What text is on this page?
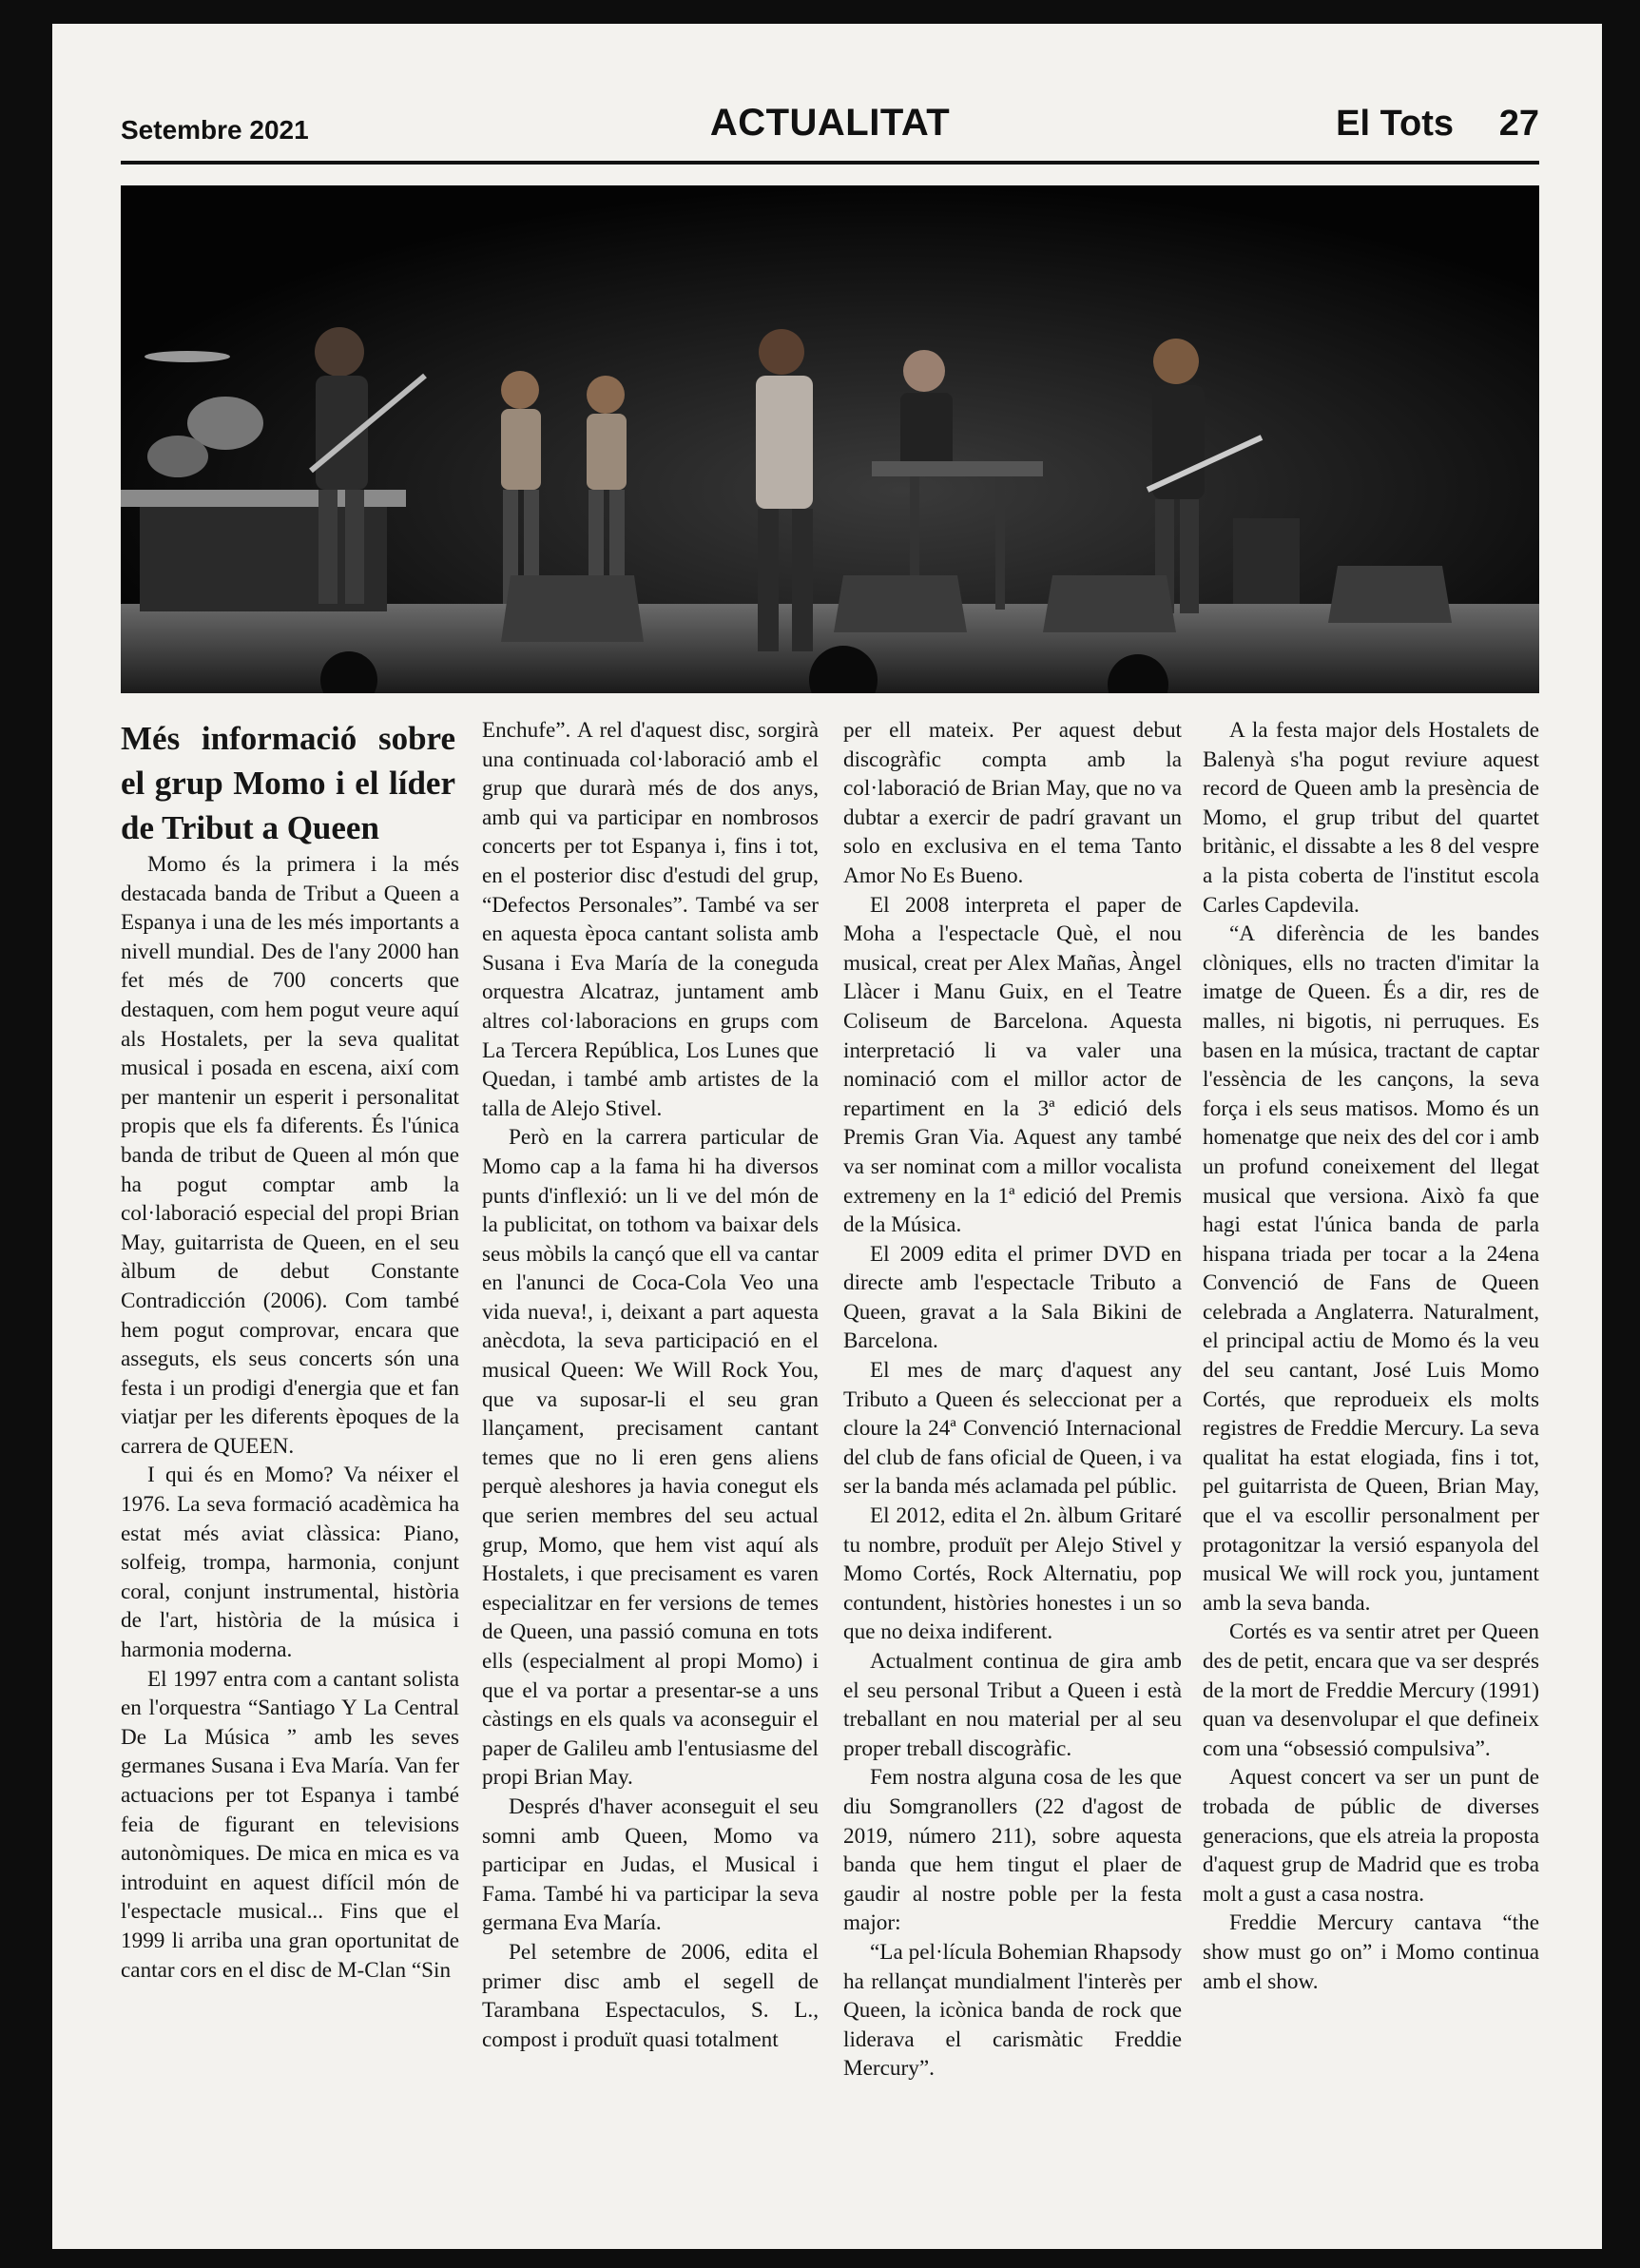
Setembre 2021	ACTUALITAT	El Tots 27

Més informació sobre el grup Momo i el líder de Tribut a Queen

Momo és la primera i la més destacada banda de Tribut a Queen a Espanya i una de les més importants a nivell mundial. Des de l'any 2000 han fet més de 700 concerts que destaquen, com hem pogut veure aquí als Hostalets, per la seva qualitat musical i posada en escena, així com per mantenir un esperit i personalitat propis que els fa diferents. És l'única banda de tribut de Queen al món que ha pogut comptar amb la col·laboració especial del propi Brian May, guitarrista de Queen, en el seu àlbum de debut Constante Contradicción (2006). Com també hem pogut comprovar, encara que asseguts, els seus concerts són una festa i un prodigi d'energia que et fan viatjar per les diferents èpoques de la carrera de QUEEN.

I qui és en Momo? Va néixer el 1976. La seva formació acadèmica ha estat més aviat clàssica: Piano, solfeig, trompa, harmonia, conjunt coral, conjunt instrumental, història de l'art, història de la música i harmonia moderna.

El 1997 entra com a cantant solista en l'orquestra “Santiago Y La Central De La Música ” amb les seves germanes Susana i Eva María. Van fer actuacions per tot Espanya i també feia de figurant en televisions autonòmiques. De mica en mica es va introduint en aquest difícil món de l'espectacle musical... Fins que el 1999 li arriba una gran oportunitat de cantar cors en el disc de M-Clan “Sin

Enchufe”. A rel d'aquest disc, sorgirà una continuada col·laboració amb el grup que durarà més de dos anys, amb qui va participar en nombrosos concerts per tot Espanya i, fins i tot, en el posterior disc d'estudi del grup, “Defectos Personales”. També va ser en aquesta època cantant solista amb Susana i Eva María de la coneguda orquestra Alcatraz, juntament amb altres col·laboracions en grups com La Tercera República, Los Lunes que Quedan, i també amb artistes de la talla de Alejo Stivel.

Però en la carrera particular de Momo cap a la fama hi ha diversos punts d'inflexió: un li ve del món de la publicitat, on tothom va baixar dels seus mòbils la cançó que ell va cantar en l'anunci de Coca-Cola Veo una vida nueva!, i, deixant a part aquesta anècdota, la seva participació en el musical Queen: We Will Rock You, que va suposar-li el seu gran llançament, precisament cantant temes que no li eren gens aliens perquè aleshores ja havia conegut els que serien membres del seu actual grup, Momo, que hem vist aquí als Hostalets, i que precisament es varen especialitzar en fer versions de temes de Queen, una passió comuna en tots ells (especialment al propi Momo) i que el va portar a presentar-se a uns càstings en els quals va aconseguir el paper de Galileu amb l'entusiasme del propi Brian May.

Després d'haver aconseguit el seu somni amb Queen, Momo va participar en Judas, el Musical i Fama. També hi va participar la seva germana Eva María.

Pel setembre de 2006, edita el primer disc amb el segell de Tarambana Espectaculos, S. L., compost i produït quasi totalment

per ell mateix. Per aquest debut discogràfic compta amb la col·laboració de Brian May, que no va dubtar a exercir de padrí gravant un solo en exclusiva en el tema Tanto Amor No Es Bueno.

El 2008 interpreta el paper de Moha a l'espectacle Què, el nou musical, creat per Alex Mañas, Àngel Llàcer i Manu Guix, en el Teatre Coliseum de Barcelona. Aquesta interpretació li va valer una nominació com el millor actor de repartiment en la 3ª edició dels Premis Gran Via. Aquest any també va ser nominat com a millor vocalista extremeny en la 1ª edició del Premis de la Música.

El 2009 edita el primer DVD en directe amb l'espectacle Tributo a Queen, gravat a la Sala Bikini de Barcelona.

El mes de març d'aquest any Tributo a Queen és seleccionat per a cloure la 24ª Convenció Internacional del club de fans oficial de Queen, i va ser la banda més aclamada pel públic.

El 2012, edita el 2n. àlbum Gritaré tu nombre, produït per Alejo Stivel y Momo Cortés, Rock Alternatiu, pop contundent, històries honestes i un so que no deixa indiferent.

Actualment continua de gira amb el seu personal Tribut a Queen i està treballant en nou material per al seu proper treball discogràfic.

Fem nostra alguna cosa de les que diu Somgranollers (22 d'agost de 2019, número 211), sobre aquesta banda que hem tingut el plaer de gaudir al nostre poble per la festa major:

“La pel·lícula Bohemian Rhapsody ha rellançat mundialment l'interès per Queen, la icònica banda de rock que liderava el carismàtic Freddie Mercury”.

A la festa major dels Hostalets de Balenyà s'ha pogut reviure aquest record de Queen amb la presència de Momo, el grup tribut del quartet britànic, el dissabte a les 8 del vespre a la pista coberta de l'institut escola Carles Capdevila.

“A diferència de les bandes clòniques, ells no tracten d'imitar la imatge de Queen. És a dir, res de malles, ni bigotis, ni perruques. Es basen en la música, tractant de captar l'essència de les cançons, la seva força i els seus matisos. Momo és un homenatge que neix des del cor i amb un profund coneixement del llegat musical que versiona. Això fa que hagi estat l'única banda de parla hispana triada per tocar a la 24ena Convenció de Fans de Queen celebrada a Anglaterra. Naturalment, el principal actiu de Momo és la veu del seu cantant, José Luis Momo Cortés, que reprodueix els molts registres de Freddie Mercury. La seva qualitat ha estat elogiada, fins i tot, pel guitarrista de Queen, Brian May, que el va escollir personalment per protagonitzar la versió espanyola del musical We will rock you, juntament amb la seva banda.

Cortés es va sentir atret per Queen des de petit, encara que va ser després de la mort de Freddie Mercury (1991) quan va desenvolupar el que defineix com una “obsessió compulsiva”.

Aquest concert va ser un punt de trobada de públic de diverses generacions, que els atreia la proposta d'aquest grup de Madrid que es troba molt a gust a casa nostra.

Freddie Mercury cantava “the show must go on” i Momo continua amb el show.
